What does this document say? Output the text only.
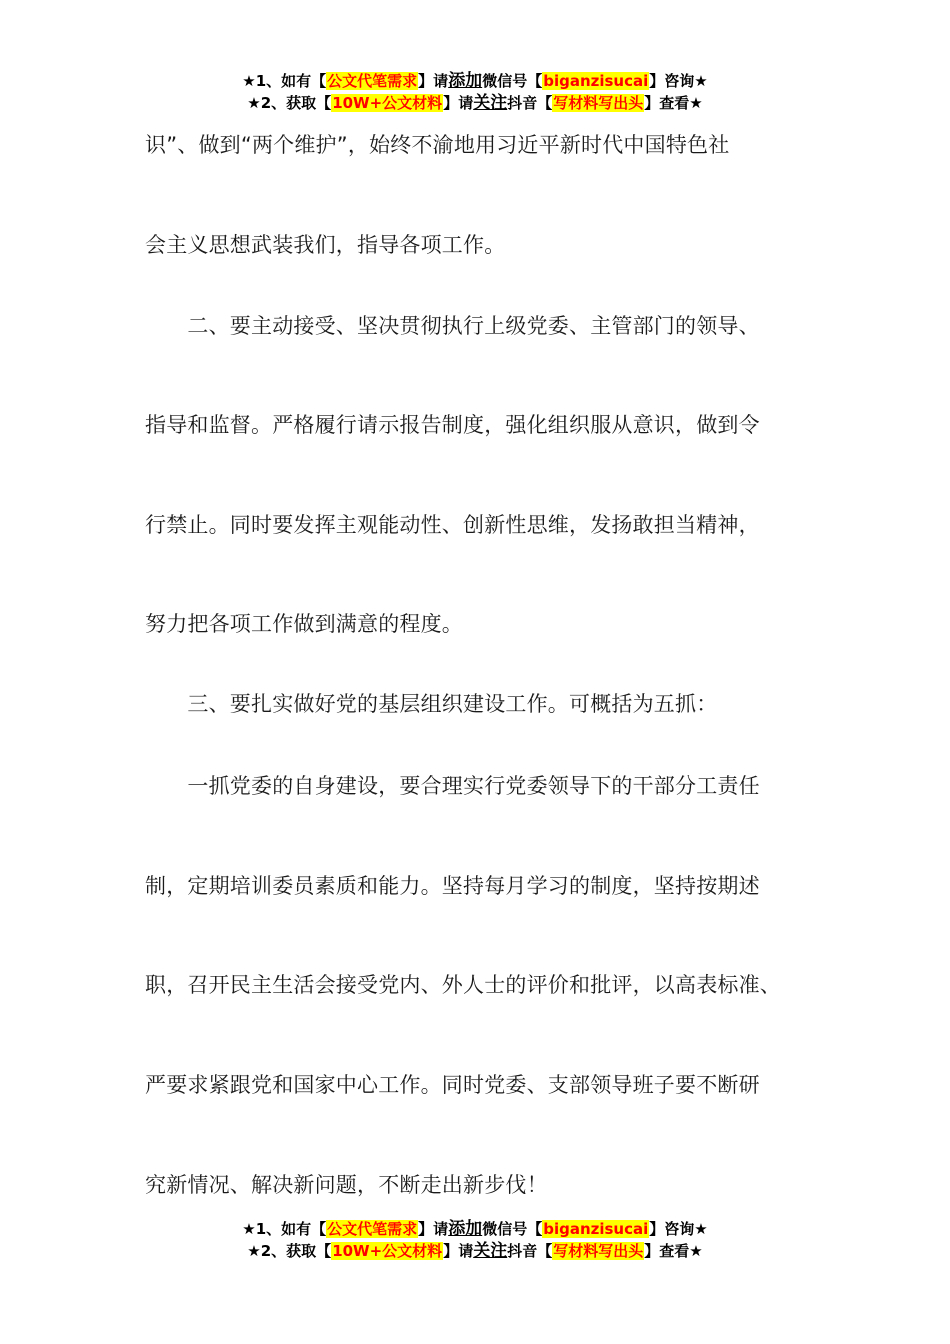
★1、如有【公文代笔需求】请添加微信号【biganzisucai】咨询★
★2、获取【10W+公文材料】请关注抖音【写材料写出头】查看★
识”、做到“两个维护”，始终不渝地用习近平新时代中国特色社
会主义思想武装我们，指导各项工作。
　　二、要主动接受、坚决贯彻执行上级党委、主管部门的领导、
指导和监督。严格履行请示报告制度，强化组织服从意识，做到令
行禁止。同时要发挥主观能动性、创新性思维，发扬敢担当精神，
努力把各项工作做到满意的程度。
　　三、要扎实做好党的基层组织建设工作。可概括为五抓：
　　一抓党委的自身建设，要合理实行党委领导下的干部分工责任
制，定期培训委员素质和能力。坚持每月学习的制度，坚持按期述
职，召开民主生活会接受党内、外人士的评价和批评，以高表标准、
严要求紧跟党和国家中心工作。同时党委、支部领导班子要不断研
究新情况、解决新问题，不断走出新步伐！
★1、如有【公文代笔需求】请添加微信号【biganzisucai】咨询★
★2、获取【10W+公文材料】请关注抖音【写材料写出头】查看★
